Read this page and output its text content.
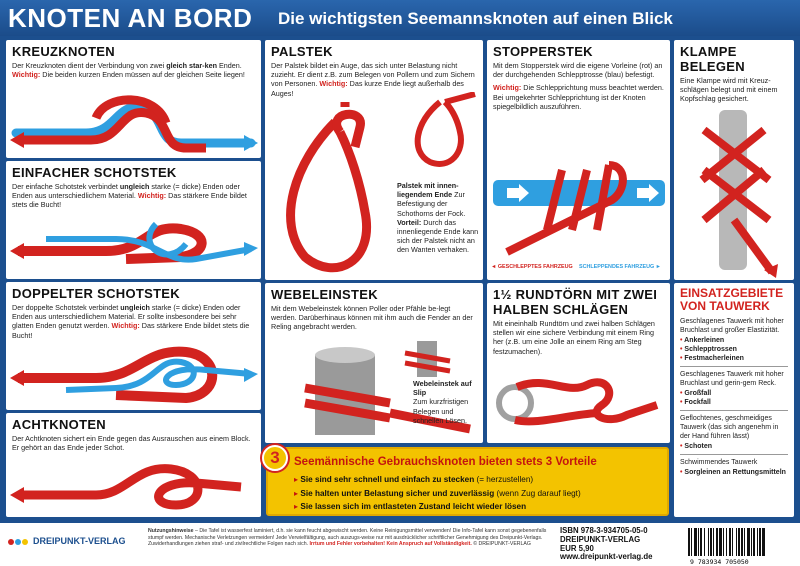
KNOTEN AN BORD Die wichtigsten Seemannsknoten auf einen Blick
KREUZKNOTEN
Der Kreuzknoten dient der Verbindung von zwei gleich star-ken Enden. Wichtig: Die beiden kurzen Enden müssen auf der gleichen Seite liegen!
EINFACHER SCHOTSTEK
Der einfache Schotstek verbindet ungleich starke (= dicke) Enden oder Enden aus unterschiedlichem Material. Wichtig: Das stärkere Ende bildet stets die Bucht!
DOPPELTER SCHOTSTEK
Der doppelte Schotstek verbindet ungleich starke (= dicke) Enden oder Enden aus unterschiedlichem Material. Er sollte insbesondere bei sehr glatten Enden genutzt werden. Wichtig: Das stärkere Ende bildet stets die Bucht!
ACHTKNOTEN
Der Achtknoten sichert ein Ende gegen das Ausrauschen aus einem Block. Er gehört an das Ende jeder Schot.
PALSTEK
Der Palstek bildet ein Auge, das sich unter Belastung nicht zuzieht. Er dient z.B. zum Belegen von Pollern und zum Sichern von Personen. Wichtig: Das kurze Ende liegt außerhalb des Auges!
Palstek mit innen-liegendem Ende Zur Befestigung der Schothorns der Fock. Vorteil: Durch das innenliegende Ende kann sich der Palstek nicht an den Wanten verhaken.
STOPPERSTEK
Mit dem Stopperstek wird die eigene Vorleine (rot) an der durchgehenden Schlepptrosse (blau) befestigt.
Wichtig: Die Schlepprichtung muss beachtet werden. Bei umgekehrter Schlepprichtung ist der Knoten spiegelbildlich auszuführen.
◄ GESCHLEPPTES FAHRZEUG SCHLEPPENDES FAHRZEUG ►
KLAMPE BELEGEN
Eine Klampe wird mit Kreuz-schlägen belegt und mit einem Kopfschlag gesichert.
WEBELEINSTEK
Mit dem Webeleinstek können Poller oder Pfähle be-legt werden. Darüberhinaus können mit ihm auch die Fender an der Reling angebracht werden.
Webeleinstek auf Slip
Zum kurzfristigen Belegen und schnellen Lösen.
1½ RUNDTÖRN MIT ZWEI HALBEN SCHLÄGEN
Mit eineinhalb Rundtörn und zwei halben Schlägen stellen wir eine sichere Verbindung mit einem Ring her (z.B. um eine Jolle an einem Ring am Steg festzumachen).
EINSATZGEBIETE VON TAUWERK
Geschlagenes Tauwerk mit hoher Bruchlast und großer Elastizität.
• Ankerleinen
• Schlepptrossen
• Festmacherleinen
Geschlagenes Tauwerk mit hoher Bruchlast und gerin-gem Reck.
• Großfall
• Fockfall
Geflochtenes, geschmeidiges Tauwerk (das sich angenehm in der Hand führen lässt)
• Schoten
Schwimmendes Tauwerk
• Sorgleinen an Rettungsmitteln
3	Seemännische Gebrauchsknoten bieten stets 3 Vorteile
▸ Sie sind sehr schnell und einfach zu stecken (= herzustellen)
▸ Sie halten unter Belastung sicher und zuverlässig (wenn Zug darauf liegt)
▸ Sie lassen sich im entlasteten Zustand leicht wieder lösen
DREIPUNKT-VERLAG
Nutzungshinweise – Die Tafel ist wasserfest laminiert, d.h. sie kann feucht abgewischt werden. Keine Reinigungsmittel verwenden! Die Info-Tafel kann sonst gegebenenfalls stumpf werden. Mechanische Verletzungen vermeiden! Jede Verwielfältigung, auch auszugs-weise nur mit ausdrücklicher schriftlicher Genehmigung des Dreipunkt-Verlags. Zuwiderhandlungen ziehen straf- und zivilrechtliche Folgen nach sich. Irrtum und Fehler vorbehalten! Kein Anspruch auf Vollständigkeit. © DREIPUNKT-VERLAG
ISBN 978-3-934705-05-0
DREIPUNKT-VERLAG
EUR 5,90
www.dreipunkt-verlag.de
9 783934 705050
